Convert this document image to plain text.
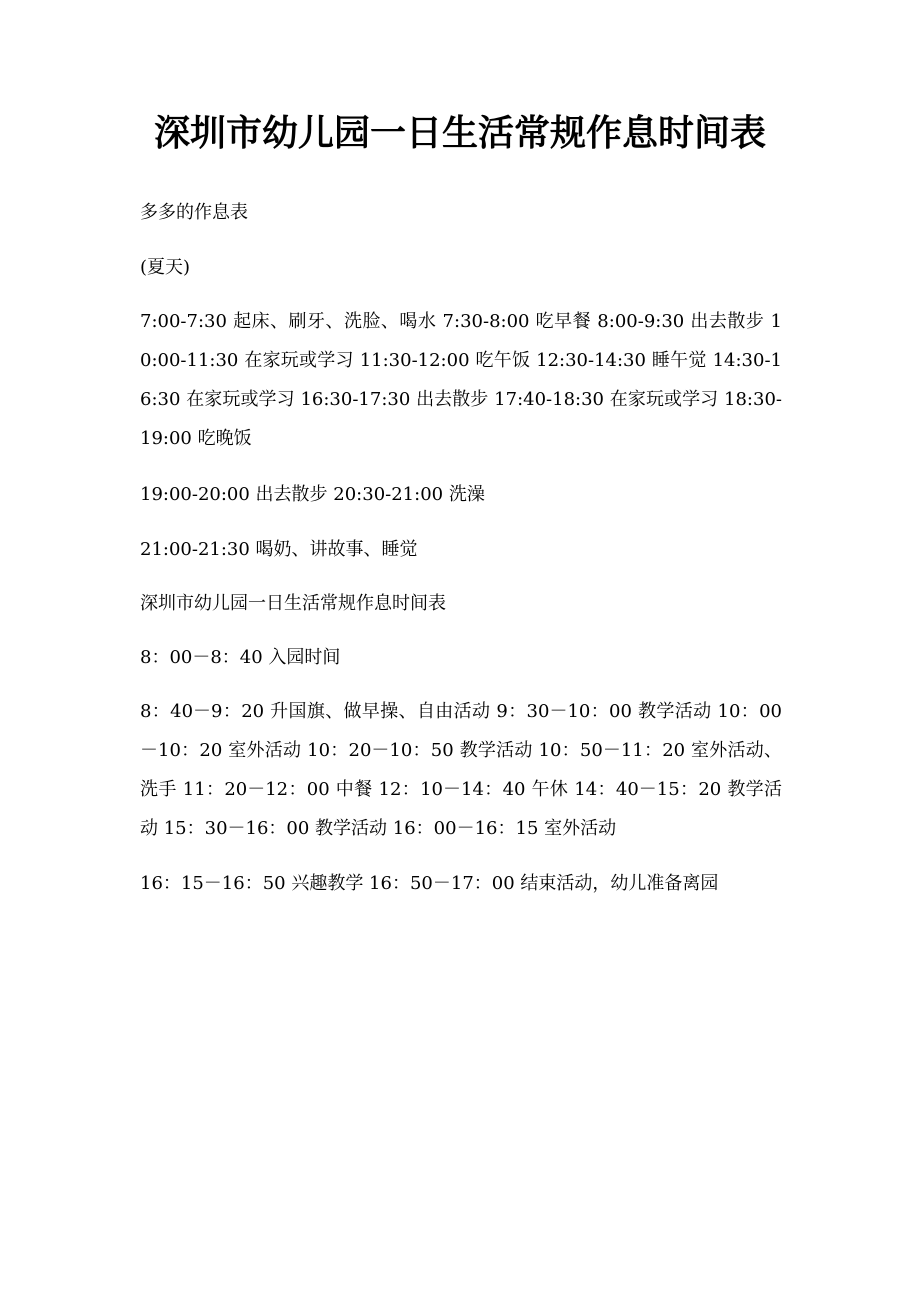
深圳市幼儿园一日生活常规作息时间表

多多的作息表

(夏天)

7:00-7:30 起床、刷牙、洗脸、喝水 7:30-8:00 吃早餐 8:00-9:30 出去散步 10:00-11:30 在家玩或学习 11:30-12:00 吃午饭 12:30-14:30 睡午觉 14:30-16:30 在家玩或学习 16:30-17:30 出去散步 17:40-18:30 在家玩或学习 18:30-19:00 吃晚饭

19:00-20:00 出去散步 20:30-21:00 洗澡

21:00-21:30 喝奶、讲故事、睡觉

深圳市幼儿园一日生活常规作息时间表

8：00－8：40 入园时间

8：40－9：20 升国旗、做早操、自由活动 9：30－10：00 教学活动 10：00－10：20 室外活动 10：20－10：50 教学活动 10：50－11：20 室外活动、洗手 11：20－12：00 中餐 12：10－14：40 午休 14：40－15：20 教学活动 15：30－16：00 教学活动 16：00－16：15 室外活动

16：15－16：50 兴趣教学 16：50－17：00 结束活动，幼儿准备离园
